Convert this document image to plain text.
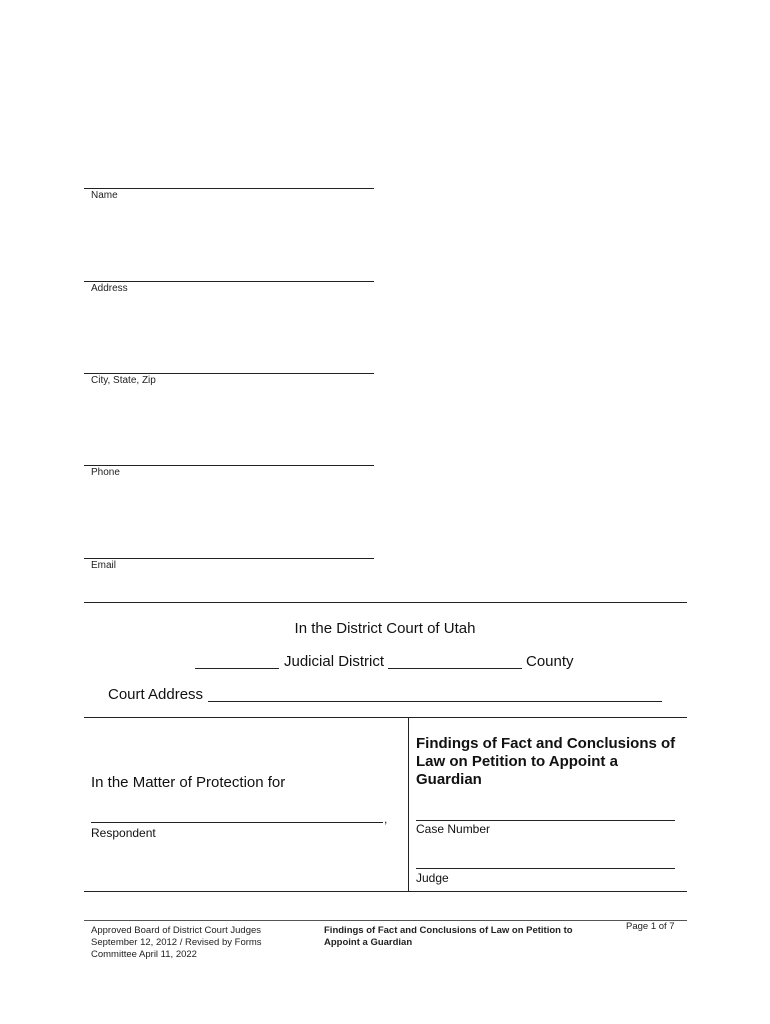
Name
Address
City, State, Zip
Phone
Email
In the District Court of Utah
Judicial District	County
Court Address
In the Matter of Protection for
,
Respondent
Findings of Fact and Conclusions of Law on Petition to Appoint a Guardian
Case Number
Judge
Approved Board of District Court Judges September 12, 2012 / Revised by Forms Committee April 11, 2022
Findings of Fact and Conclusions of Law on Petition to Appoint a Guardian
Page 1 of 7
